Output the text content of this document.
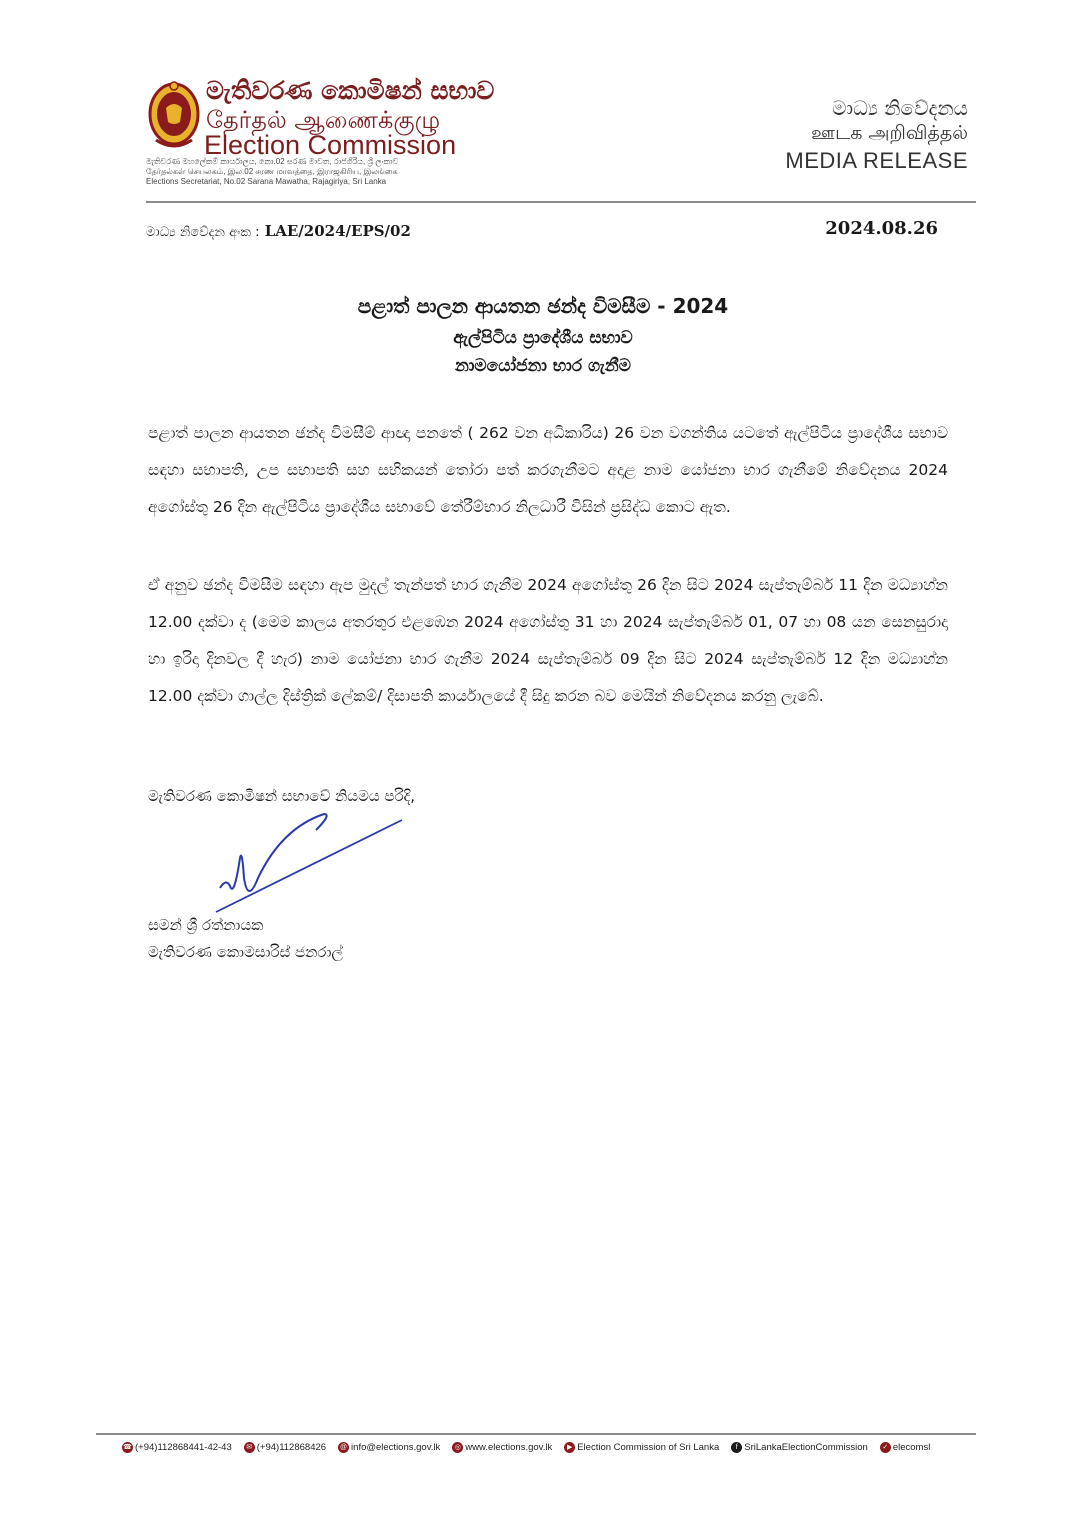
මැතිවරණ කොමිෂන් සභාව
தேர்தல் ஆணைக்குழு
Election Commission
මැතිවරණ මහලේකම් කාර්යාලය, නො.02 සරණ මාවත, රාජගිරිය, ශ්‍රී ලංකාව
தேர்தல்கள் செயலகம், இல.02 சரண மாவத்தை, இராஜகிரிய, இலங்கை
Elections Secretariat, No.02 Sarana Mawatha, Rajagiriya, Sri Lanka
මාධ්‍ය නිවේදනය
ஊடக அறிவித்தல்
MEDIA RELEASE
මාධ්‍ය නිවේදන අංක : LAE/2024/EPS/02	2024.08.26
පළාත් පාලන ආයතන ඡන්ද විමසීම - 2024
ඇල්පිටිය ප්‍රාදේශීය සභාව
නාමයෝජනා භාර ගැනීම
පළාත් පාලන ආයතන ඡන්ද විමසීම් ආඥා පනතේ ( 262 වන අධිකාරිය) 26 වන වගන්තිය යටතේ ඇල්පිටිය ප්‍රාදේශීය සභාව සඳහා සභාපති, උප සභාපති සහ සභිකයන් තෝරා පත් කරගැනීමට අදාළ නාම යෝජනා භාර ගැනීමේ නිවේදනය 2024 අගෝස්තු 26 දින ඇල්පිටිය ප්‍රාදේශීය සභාවේ තේරීම්භාර නිලධාරී විසින් ප්‍රසිද්ධ කොට ඇත.
ඒ අනුව ඡන්ද විමසීම සඳහා ඇප මුදල් තැන්පත් භාර ගැනීම 2024 අගෝස්තු 26 දින සිට 2024 සැප්තැම්බර් 11 දින මධ්‍යාහ්න 12.00 දක්වා ද (මෙම කාලය අතරතුර එළඹෙන 2024 අගෝස්තු 31 හා 2024 සැප්තැම්බර් 01, 07 හා 08 යන සෙනසුරාදා හා ඉරිදා දිනවල දී හැර) නාම යෝජනා භාර ගැනීම 2024 සැප්තැම්බර් 09 දින සිට 2024 සැප්තැම්බර් 12 දින මධ්‍යාහ්න 12.00 දක්වා ගාල්ල දිස්ත්‍රික් ලේකම්/ දිසාපති කාර්යාලයේ දී සිදු කරන බව මෙයින් නිවේදනය කරනු ලැබේ.
මැතිවරණ කොමිෂන් සභාවේ නියමය පරිදි,
සමන් ශ්‍රී රත්නායක
මැතිවරණ කොමසාරිස් ජනරාල්
☎ (+94)112868441-42-43	✉ (+94)112868426 @ info@elections.gov.lk	◎ www.elections.gov.lk	▶ Election Commission of Sri Lanka	f SriLankaElectionCommission	✓ elecomsl
